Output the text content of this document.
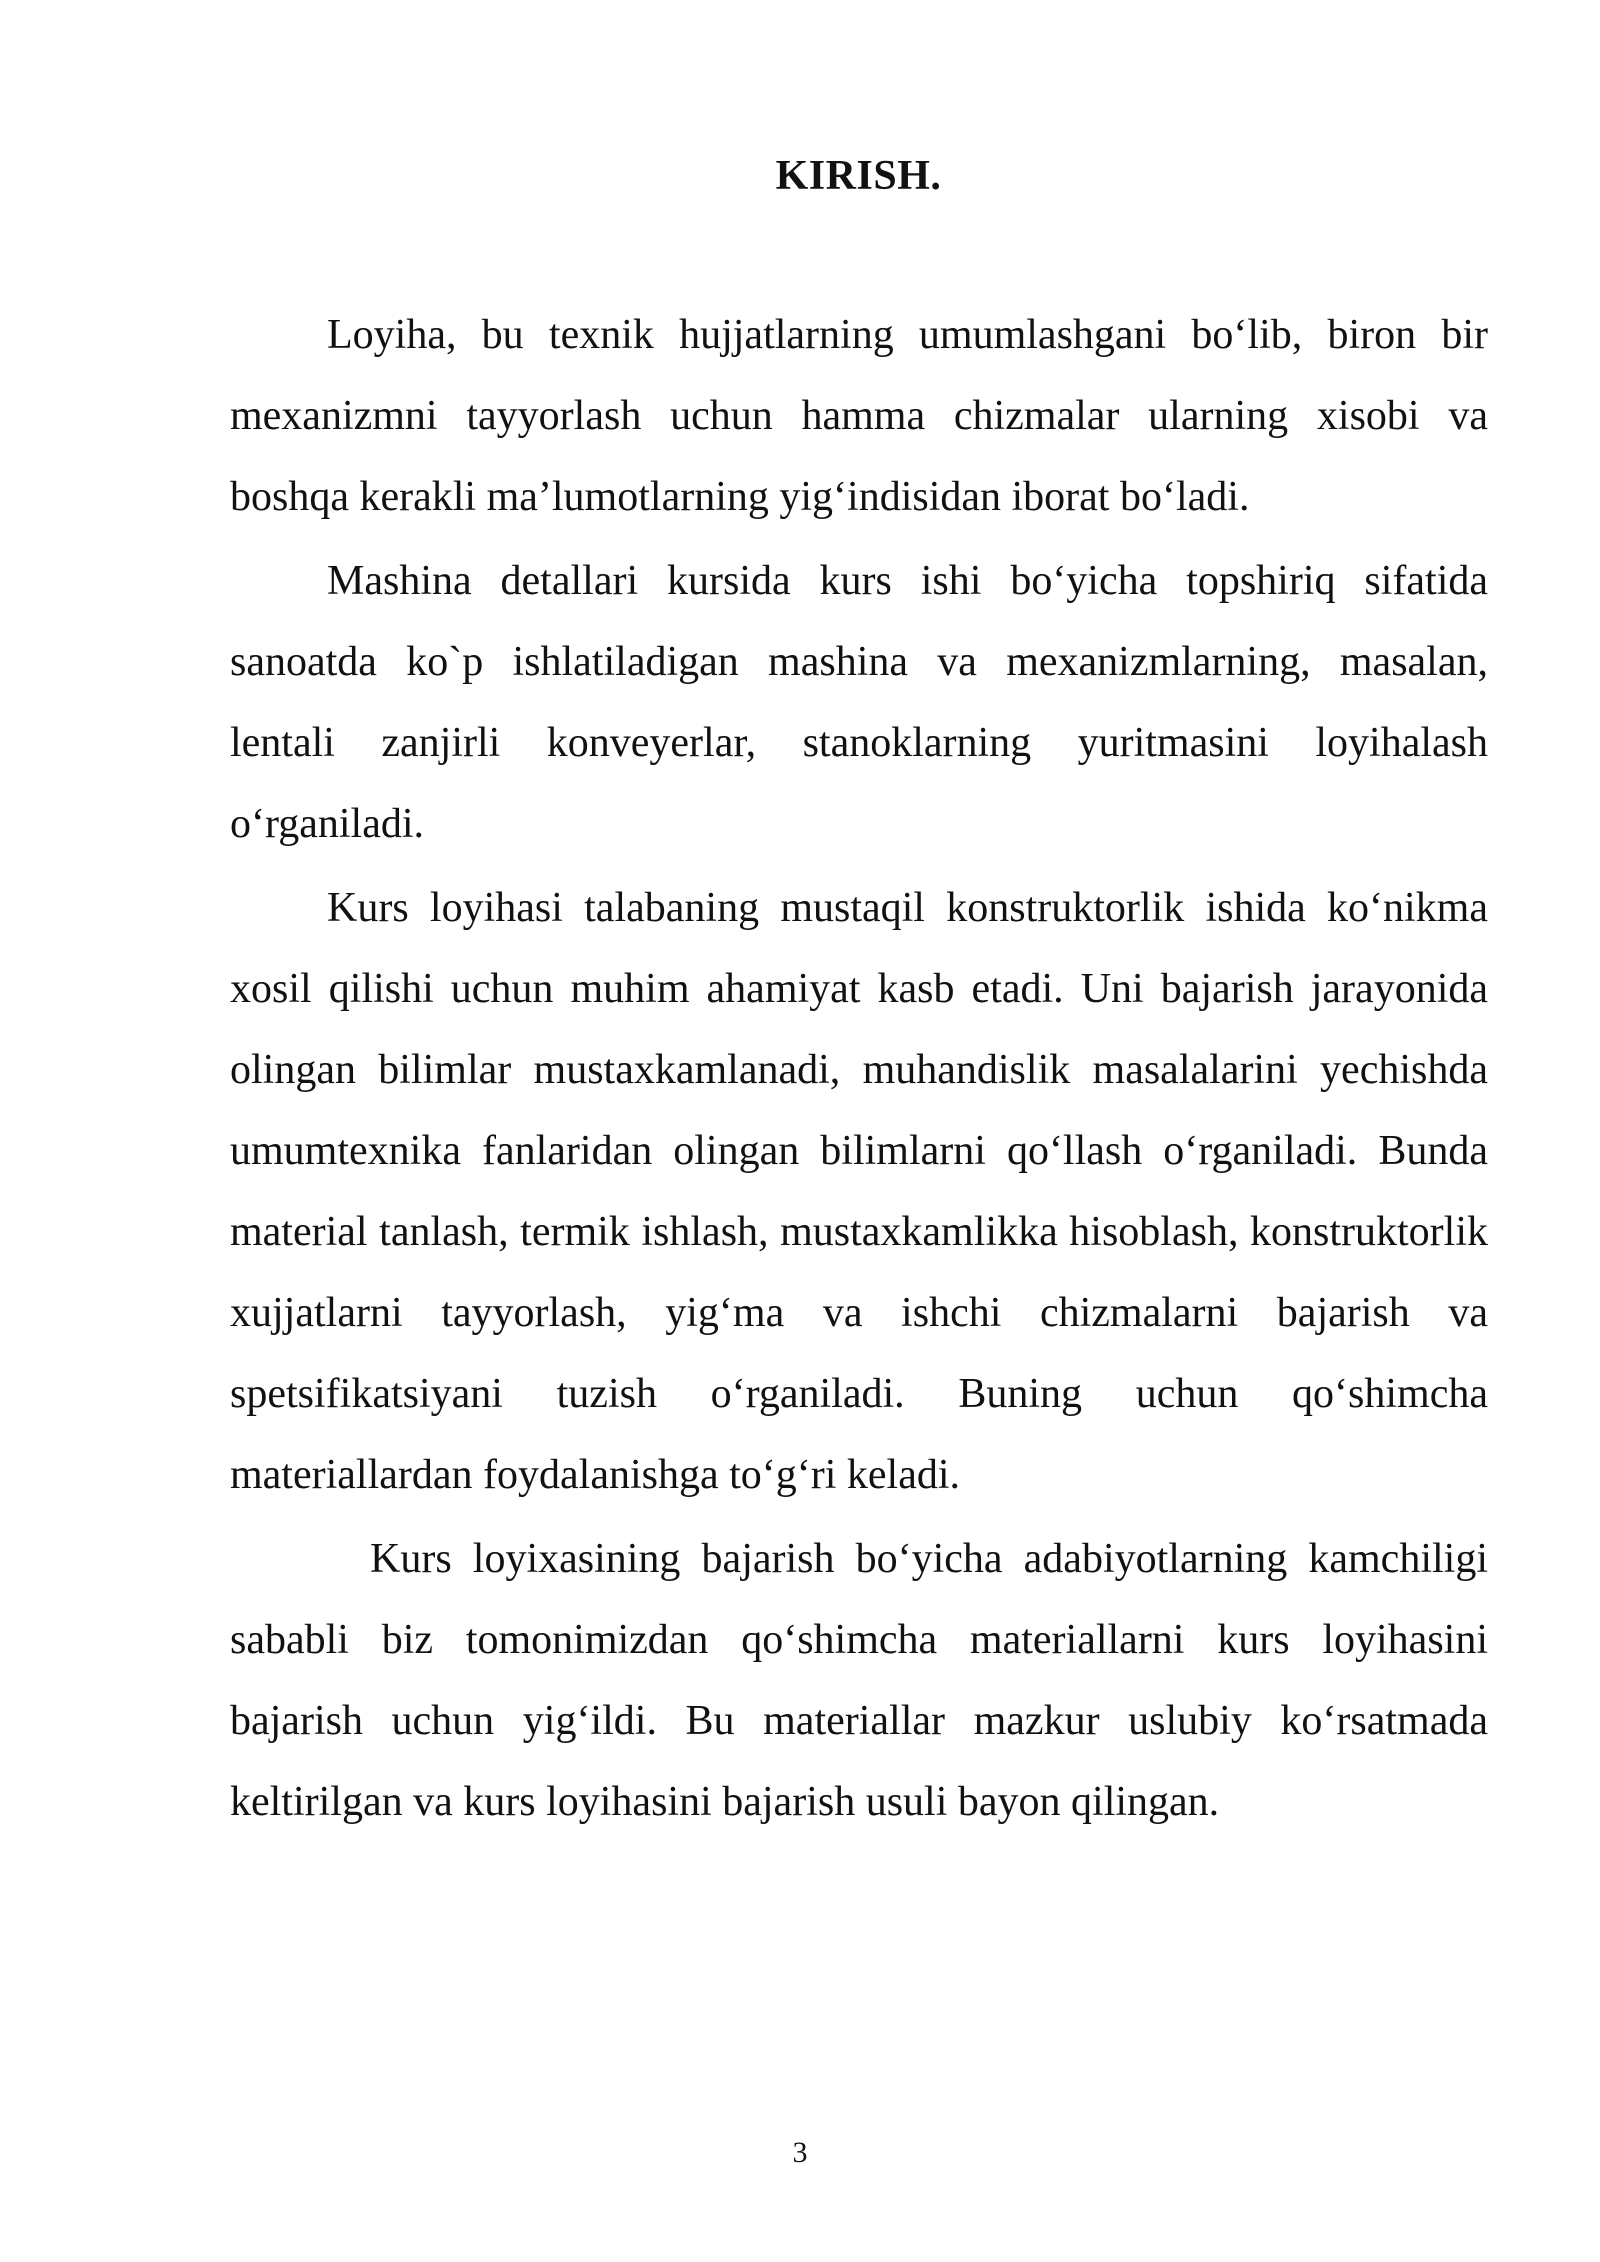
KIRISH.

Loyiha, bu texnik hujjatlarning umumlashgani bo‘lib, biron bir mexanizmni tayyorlash uchun hamma chizmalar ularning xisobi va boshqa kerakli ma’lumotlarning yig‘indisidan iborat bo‘ladi.

Mashina detallari kursida kurs ishi bo‘yicha topshiriq sifatida sanoatda ko`p ishlatiladigan mashina va mexanizmlarning, masalan, lentali zanjirli konveyerlar, stanoklarning yuritmasini loyihalash o‘rganiladi.

Kurs loyihasi talabaning mustaqil konstruktorlik ishida ko‘nikma xosil qilishi uchun muhim ahamiyat kasb etadi. Uni bajarish jarayonida olingan bilimlar mustaxkamlanadi, muhandislik masalalarini yechishda umumtexnika fanlaridan olingan bilimlarni qo‘llash o‘rganiladi. Bunda material tanlash, termik ishlash, mustaxkamlikka hisoblash, konstruktorlik xujjatlarni tayyorlash, yig‘ma va ishchi chizmalarni bajarish va spetsifikatsiyani tuzish o‘rganiladi. Buning uchun qo‘shimcha materiallardan foydalanishga to‘g‘ri keladi.

Kurs loyixasining bajarish bo‘yicha adabiyotlarning kamchiligi sababli biz tomonimizdan qo‘shimcha materiallarni kurs loyihasini bajarish uchun yig‘ildi. Bu materiallar mazkur uslubiy ko‘rsatmada keltirilgan va kurs loyihasini bajarish usuli bayon qilingan.

3
